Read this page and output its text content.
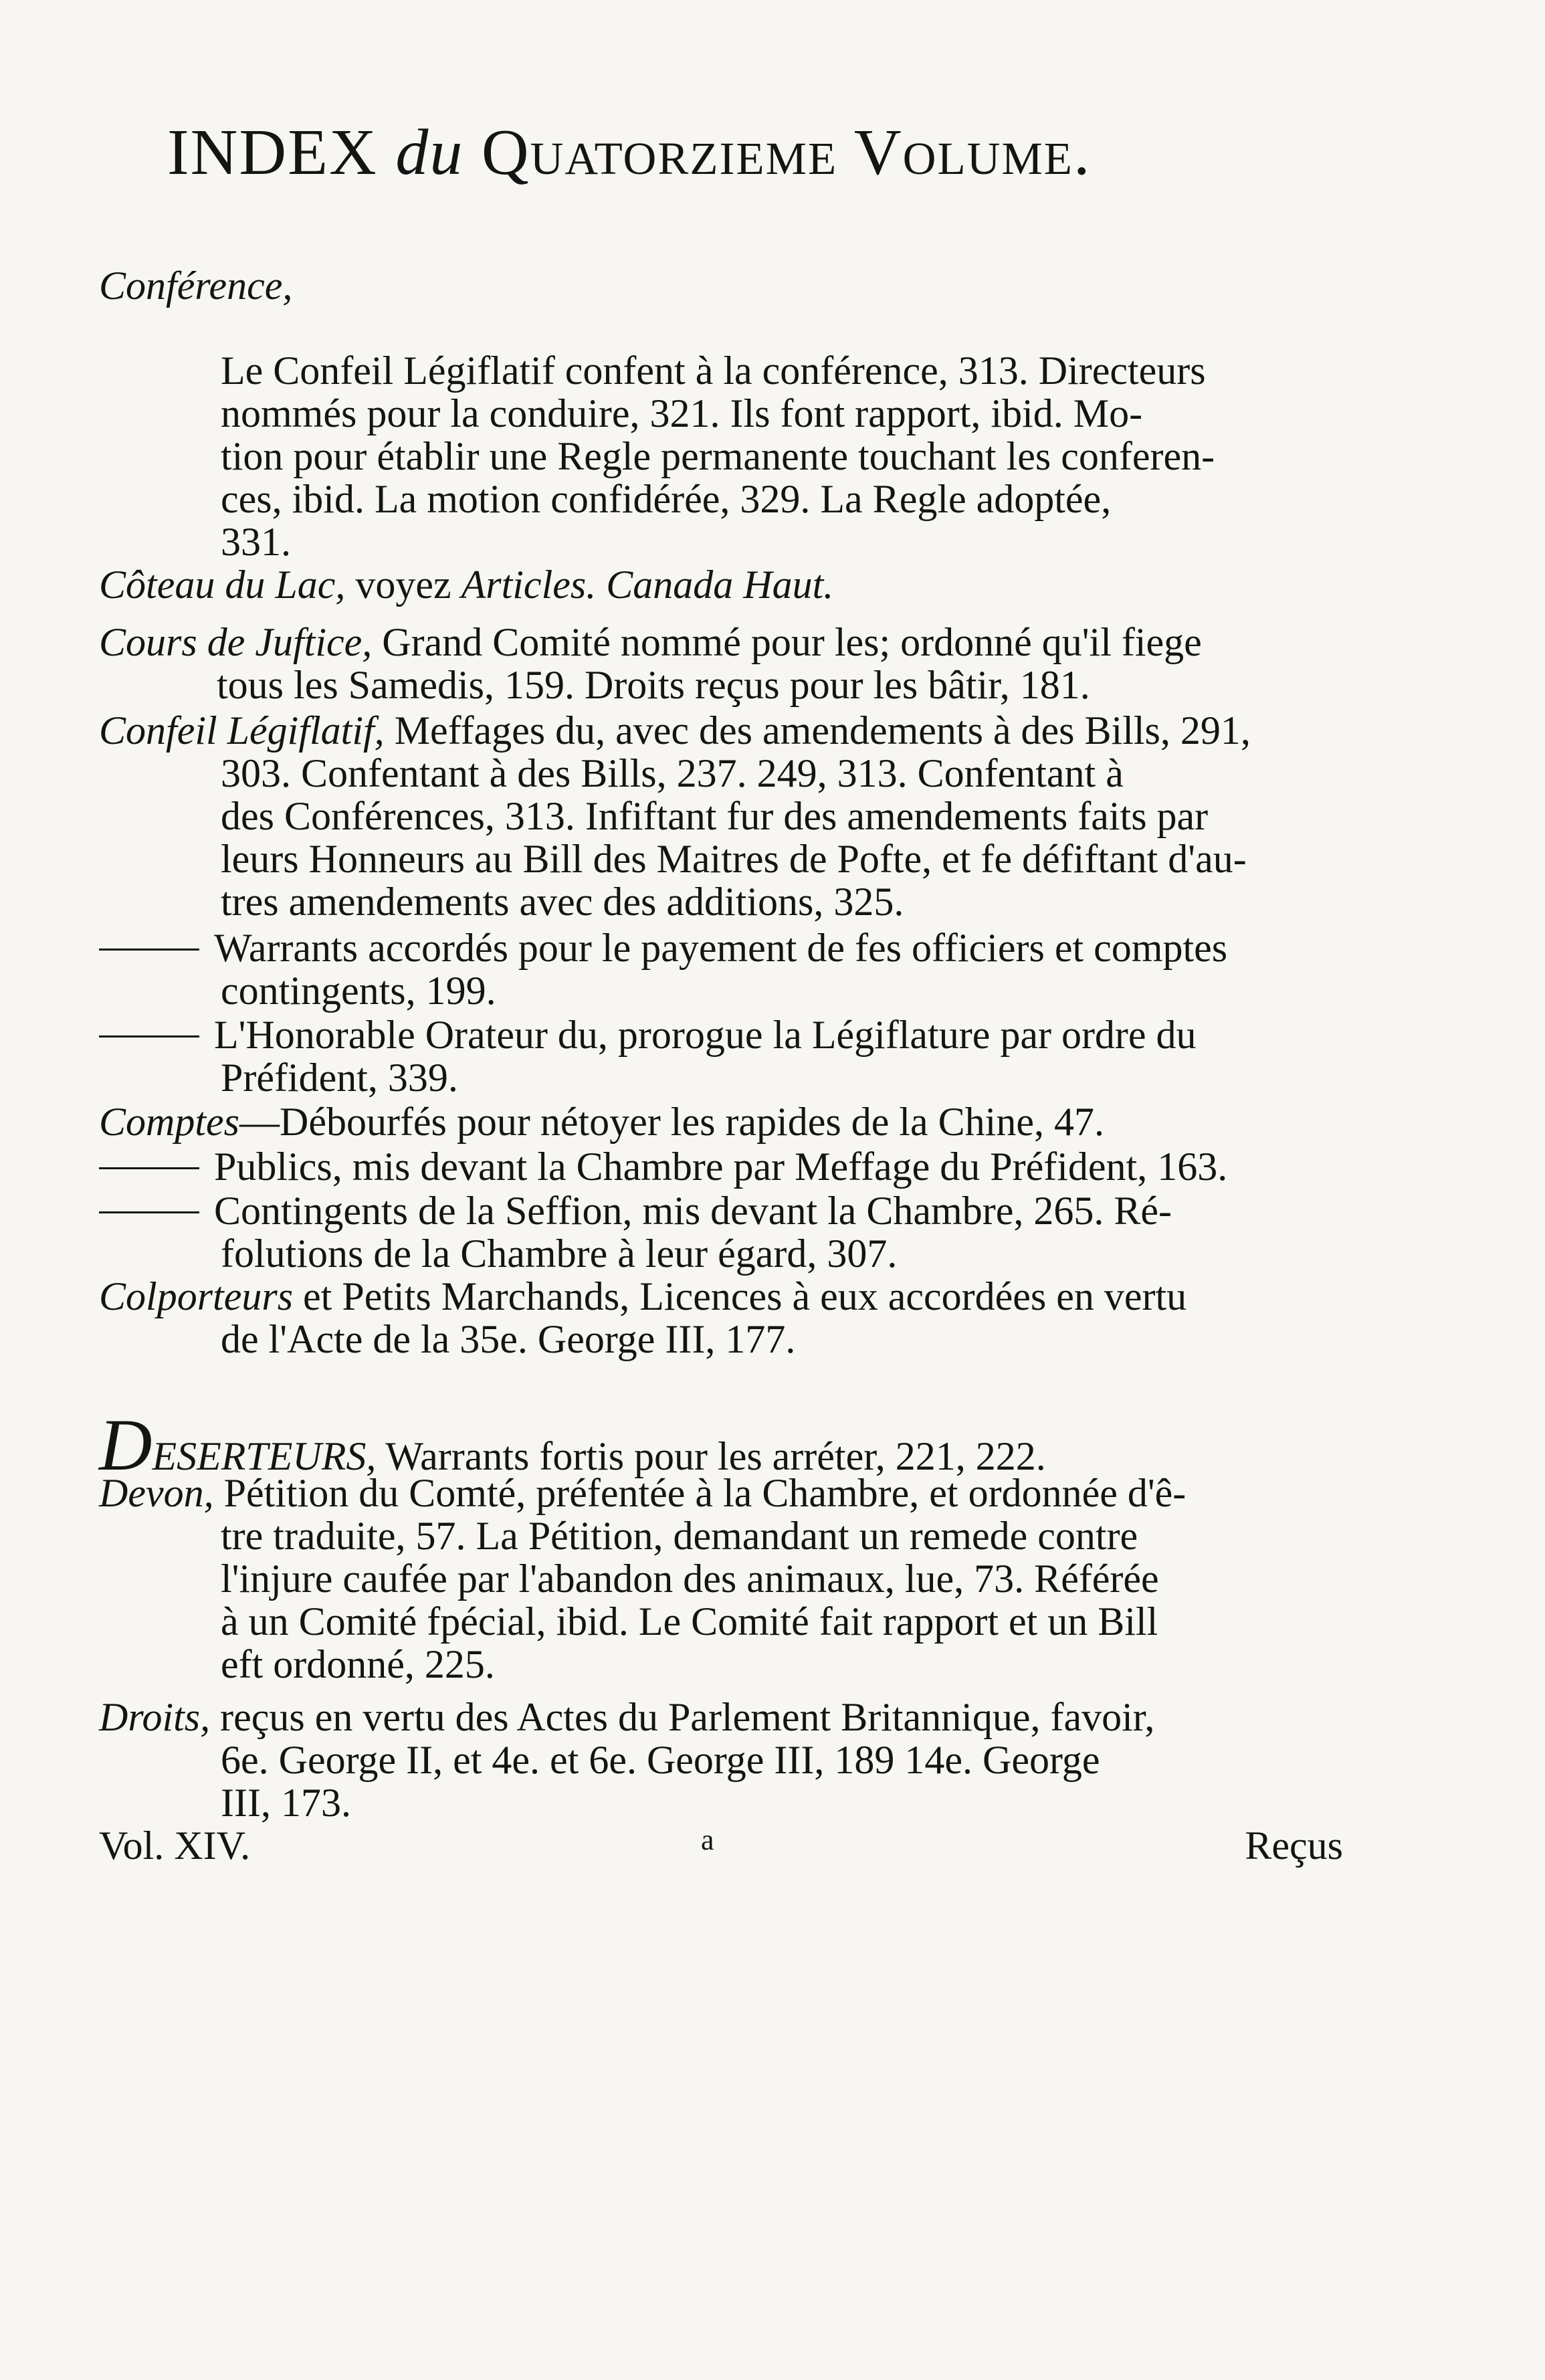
INDEX du Quatorzieme Volume.
Conférence,
Le Confeil Légiflatif confent à la conférence, 313. Directeurs
nommés pour la conduire, 321. Ils font rapport, ibid. Mo-
tion pour établir une Regle permanente touchant les conferen-
ces, ibid. La motion confidérée, 329. La Regle adoptée,
331.
Côteau du Lac, voyez Articles. Canada Haut.
Cours de Juftice, Grand Comité nommé pour les; ordonné qu'il fiege
tous les Samedis, 159. Droits reçus pour les bâtir, 181.
Confeil Légiflatif, Meffages du, avec des amendements à des Bills, 291,
303. Confentant à des Bills, 237. 249, 313. Confentant à
des Conférences, 313. Infiftant fur des amendements faits par
leurs Honneurs au Bill des Maitres de Pofte, et fe défiftant d'au-
tres amendements avec des additions, 325.
Warrants accordés pour le payement de fes officiers et comptes
contingents, 199.
L'Honorable Orateur du, prorogue la Légiflature par ordre du
Préfident, 339.
Comptes—Débourfés pour nétoyer les rapides de la Chine, 47.
Publics, mis devant la Chambre par Meffage du Préfident, 163.
Contingents de la Seffion, mis devant la Chambre, 265. Ré-
folutions de la Chambre à leur égard, 307.
Colporteurs et Petits Marchands, Licences à eux accordées en vertu
de l'Acte de la 35e. George III, 177.
DESERTEURS, Warrants fortis pour les arréter, 221, 222.
Devon, Pétition du Comté, préfentée à la Chambre, et ordonnée d'ê-
tre traduite, 57. La Pétition, demandant un remede contre
l'injure caufée par l'abandon des animaux, lue, 73. Référée
à un Comité fpécial, ibid. Le Comité fait rapport et un Bill
eft ordonné, 225.
Droits, reçus en vertu des Actes du Parlement Britannique, favoir,
6e. George II, et 4e. et 6e. George III, 189 14e. George
III, 173.
Vol. XIV.	a	Reçus
